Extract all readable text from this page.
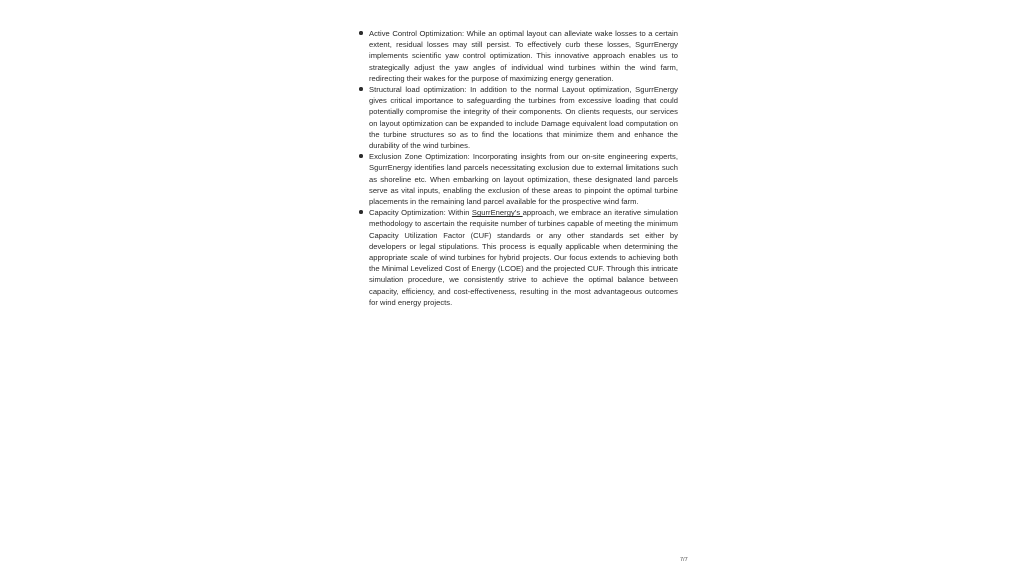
Active Control Optimization: While an optimal layout can alleviate wake losses to a certain extent, residual losses may still persist. To effectively curb these losses, SgurrEnergy implements scientific yaw control optimization. This innovative approach enables us to strategically adjust the yaw angles of individual wind turbines within the wind farm, redirecting their wakes for the purpose of maximizing energy generation.
Structural load optimization: In addition to the normal Layout optimization, SgurrEnergy gives critical importance to safeguarding the turbines from excessive loading that could potentially compromise the integrity of their components. On clients requests, our services on layout optimization can be expanded to include Damage equivalent load computation on the turbine structures so as to find the locations that minimize them and enhance the durability of the wind turbines.
Exclusion Zone Optimization: Incorporating insights from our on-site engineering experts, SgurrEnergy identifies land parcels necessitating exclusion due to external limitations such as shoreline etc. When embarking on layout optimization, these designated land parcels serve as vital inputs, enabling the exclusion of these areas to pinpoint the optimal turbine placements in the remaining land parcel available for the prospective wind farm.
Capacity Optimization: Within SgurrEnergy’s approach, we embrace an iterative simulation methodology to ascertain the requisite number of turbines capable of meeting the minimum Capacity Utilization Factor (CUF) standards or any other standards set either by developers or legal stipulations. This process is equally applicable when determining the appropriate scale of wind turbines for hybrid projects. Our focus extends to achieving both the Minimal Levelized Cost of Energy (LCOE) and the projected CUF. Through this intricate simulation procedure, we consistently strive to achieve the optimal balance between capacity, efficiency, and cost-effectiveness, resulting in the most advantageous outcomes for wind energy projects.
7/7
